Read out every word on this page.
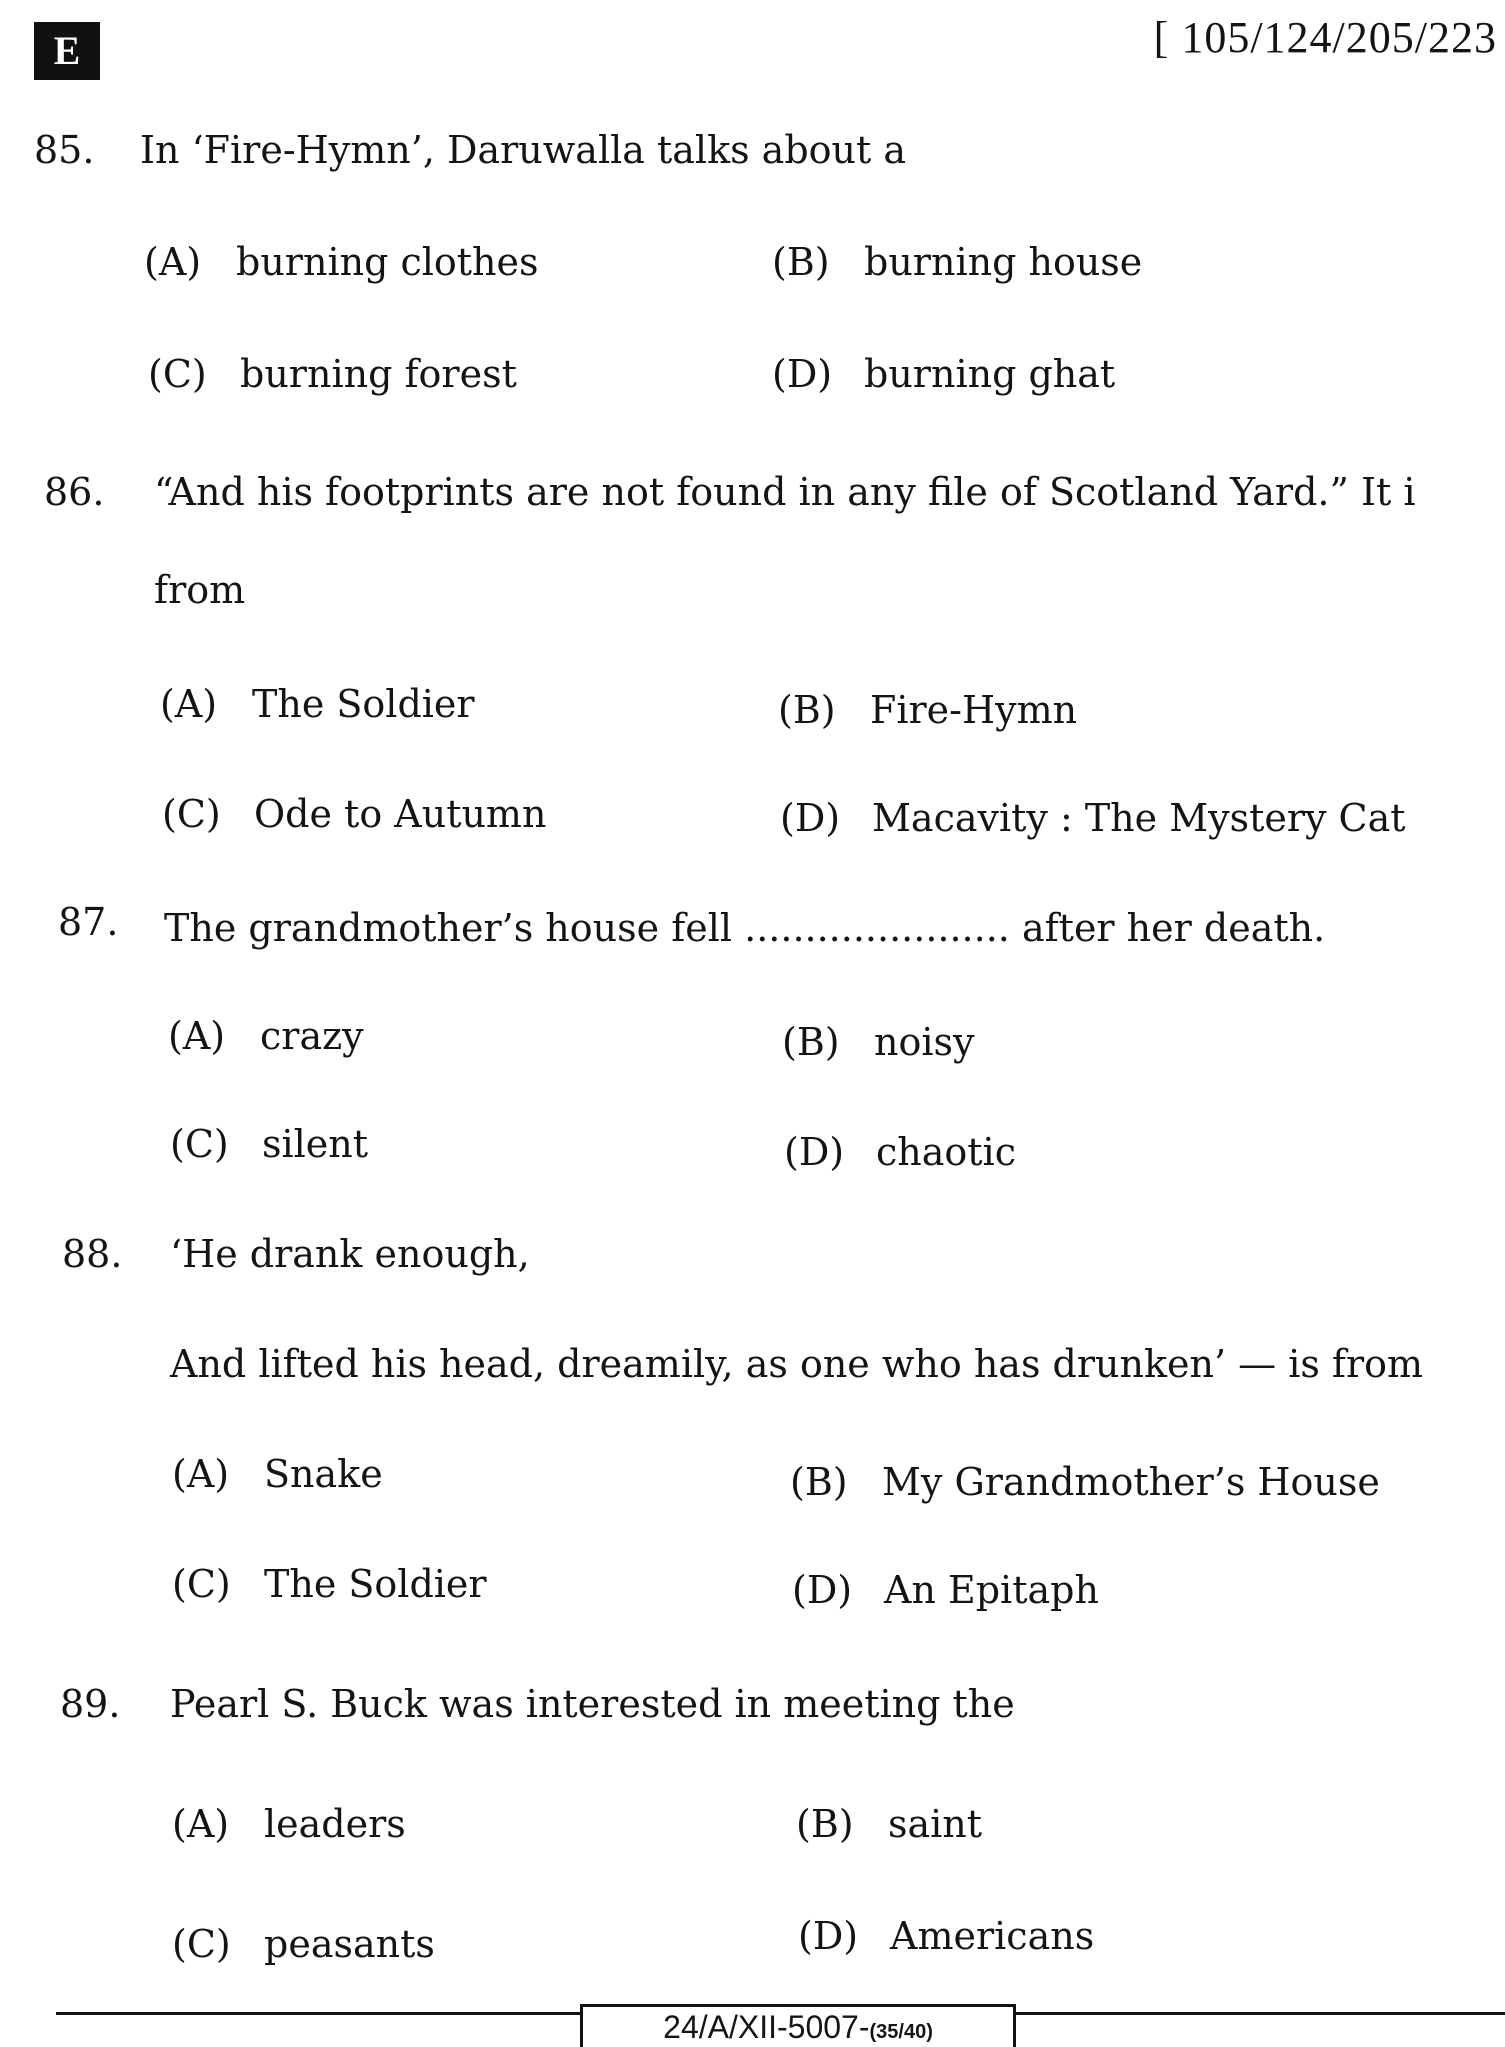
E	[ 105/124/205/223
85. In ‘Fire-Hymn’, Daruwalla talks about a
(A) burning clothes	(B) burning house
(C) burning forest	(D) burning ghat
86. “And his footprints are not found in any file of Scotland Yard.” It i
from
(A) The Soldier	(B) Fire-Hymn
(C) Ode to Autumn	(D) Macavity : The Mystery Cat
87. The grandmother’s house fell ...................... after her death.
(A) crazy	(B) noisy
(C) silent	(D) chaotic
88. ‘He drank enough,
And lifted his head, dreamily, as one who has drunken’ — is from
(A) Snake	(B) My Grandmother’s House
(C) The Soldier	(D) An Epitaph
89. Pearl S. Buck was interested in meeting the
(A) leaders	(B) saint
(C) peasants	(D) Americans
24/A/XII-5007-(35/40)
